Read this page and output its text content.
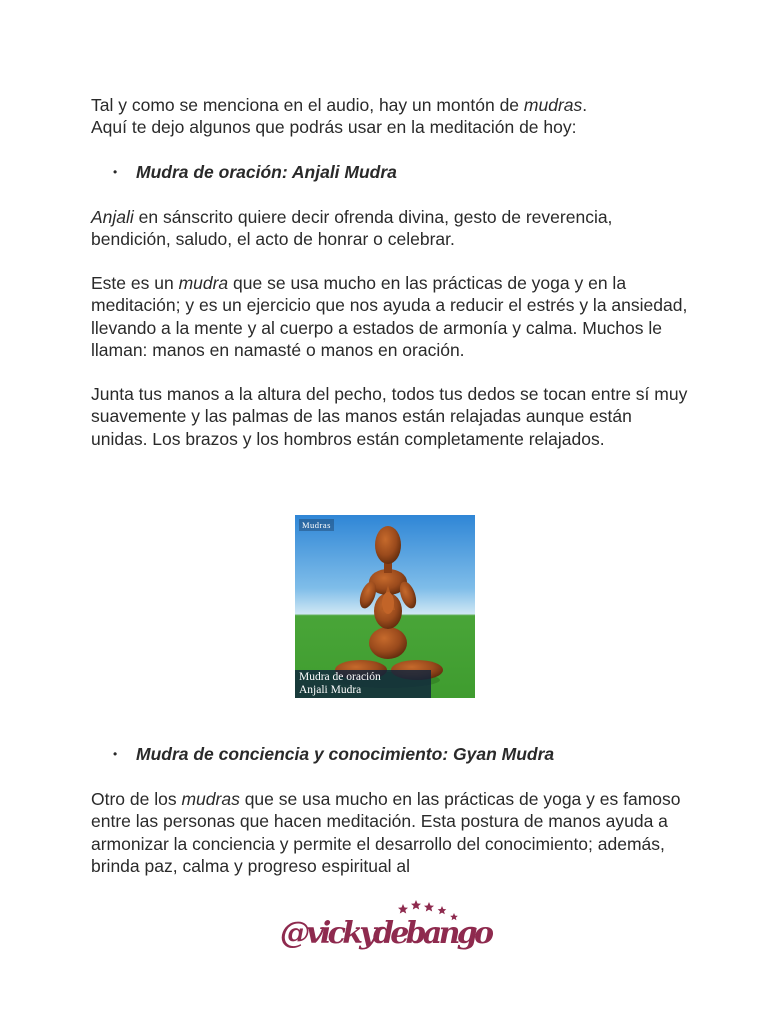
Tal y como se menciona en el audio, hay un montón de mudras.
Aquí te dejo algunos que podrás usar en la meditación de hoy:

• Mudra de oración: Anjali Mudra

Anjali en sánscrito quiere decir ofrenda divina, gesto de reverencia, bendición, saludo, el acto de honrar o celebrar.

Este es un mudra que se usa mucho en las prácticas de yoga y en la meditación; y es un ejercicio que nos ayuda a reducir el estrés y la ansiedad, llevando a la mente y al cuerpo a estados de armonía y calma. Muchos le llaman: manos en namasté o manos en oración.

Junta tus manos a la altura del pecho, todos tus dedos se tocan entre sí muy suavemente y las palmas de las manos están relajadas aunque están unidas. Los brazos y los hombros están completamente relajados.

Mudras
Mudra de oración
Anjali Mudra
• Mudra de conciencia y conocimiento: Gyan Mudra

Otro de los mudras que se usa mucho en las prácticas de yoga y es famoso entre las personas que hacen meditación. Esta postura de manos ayuda a armonizar la conciencia y permite el desarrollo del conocimiento; además, brinda paz, calma y progreso espiritual al

@vickydebango
